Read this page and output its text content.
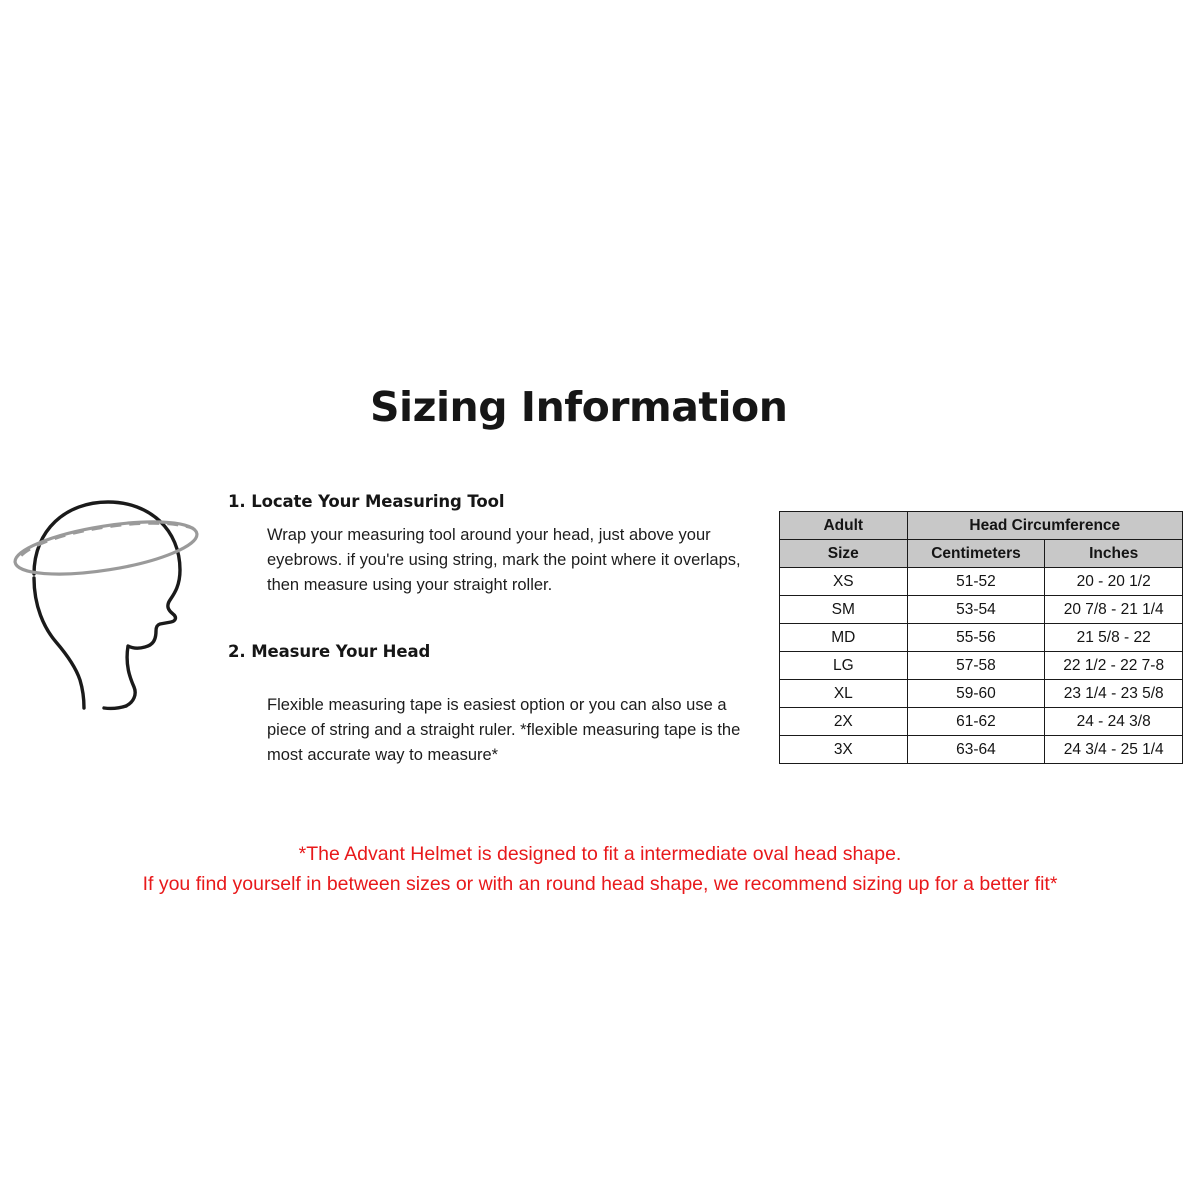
Sizing Information
1. Locate Your Measuring Tool
Wrap your measuring tool around your head, just above your eyebrows. if you're using string, mark the point where it overlaps, then measure using your straight roller.
2. Measure Your Head
Flexible measuring tape is easiest option or you can also use a piece of string and a straight ruler. *flexible measuring tape is the most accurate way to measure*
Adult	Head Circumference	
Size	Centimeters	Inches
XS	51-52	20 - 20 1/2
SM	53-54	20 7/8 - 21 1/4
MD	55-56	21 5/8 - 22
LG	57-58	22 1/2 - 22 7-8
XL	59-60	23 1/4 - 23 5/8
2X	61-62	24 - 24 3/8
3X	63-64	24 3/4 - 25 1/4
*The Advant Helmet is designed to fit a intermediate oval head shape.
If you find yourself in between sizes or with an round head shape, we recommend sizing up for a better fit*
